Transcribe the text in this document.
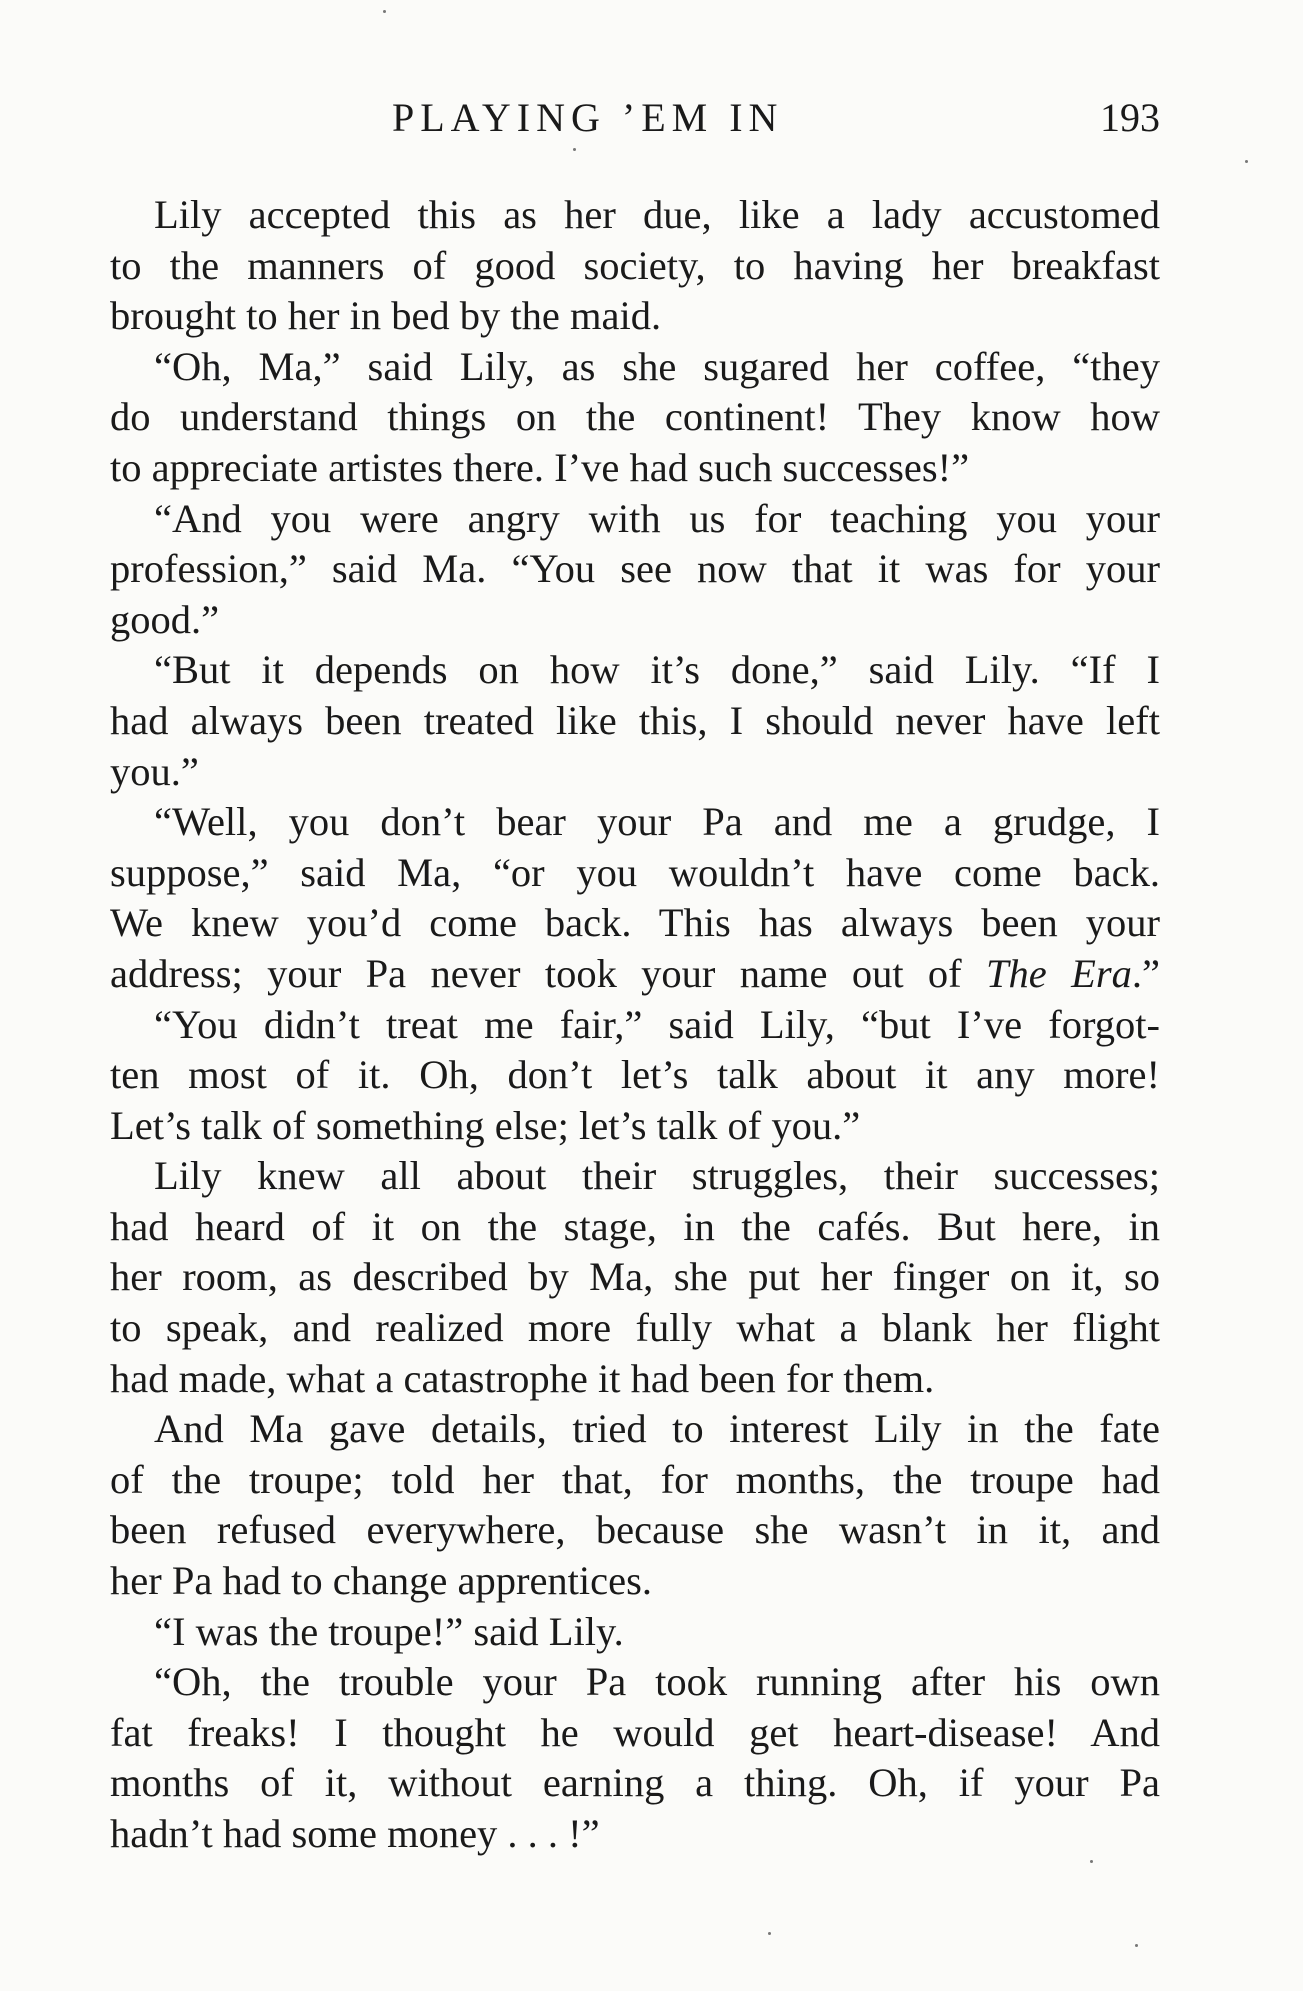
PLAYING ’EM IN	193
Lily accepted this as her due, like a lady accustomed
to the manners of good society, to having her breakfast
brought to her in bed by the maid.
“Oh, Ma,” said Lily, as she sugared her coffee, “they
do understand things on the continent! They know how
to appreciate artistes there. I’ve had such successes!”
“And you were angry with us for teaching you your
profession,” said Ma. “You see now that it was for your
good.”
“But it depends on how it’s done,” said Lily. “If I
had always been treated like this, I should never have left
you.”
“Well, you don’t bear your Pa and me a grudge, I
suppose,” said Ma, “or you wouldn’t have come back.
We knew you’d come back. This has always been your
address; your Pa never took your name out of The Era.”
“You didn’t treat me fair,” said Lily, “but I’ve forgot-
ten most of it. Oh, don’t let’s talk about it any more!
Let’s talk of something else; let’s talk of you.”
Lily knew all about their struggles, their successes;
had heard of it on the stage, in the cafés. But here, in
her room, as described by Ma, she put her finger on it, so
to speak, and realized more fully what a blank her flight
had made, what a catastrophe it had been for them.
And Ma gave details, tried to interest Lily in the fate
of the troupe; told her that, for months, the troupe had
been refused everywhere, because she wasn’t in it, and
her Pa had to change apprentices.
“I was the troupe!” said Lily.
“Oh, the trouble your Pa took running after his own
fat freaks! I thought he would get heart-disease! And
months of it, without earning a thing. Oh, if your Pa
hadn’t had some money . . . !”
